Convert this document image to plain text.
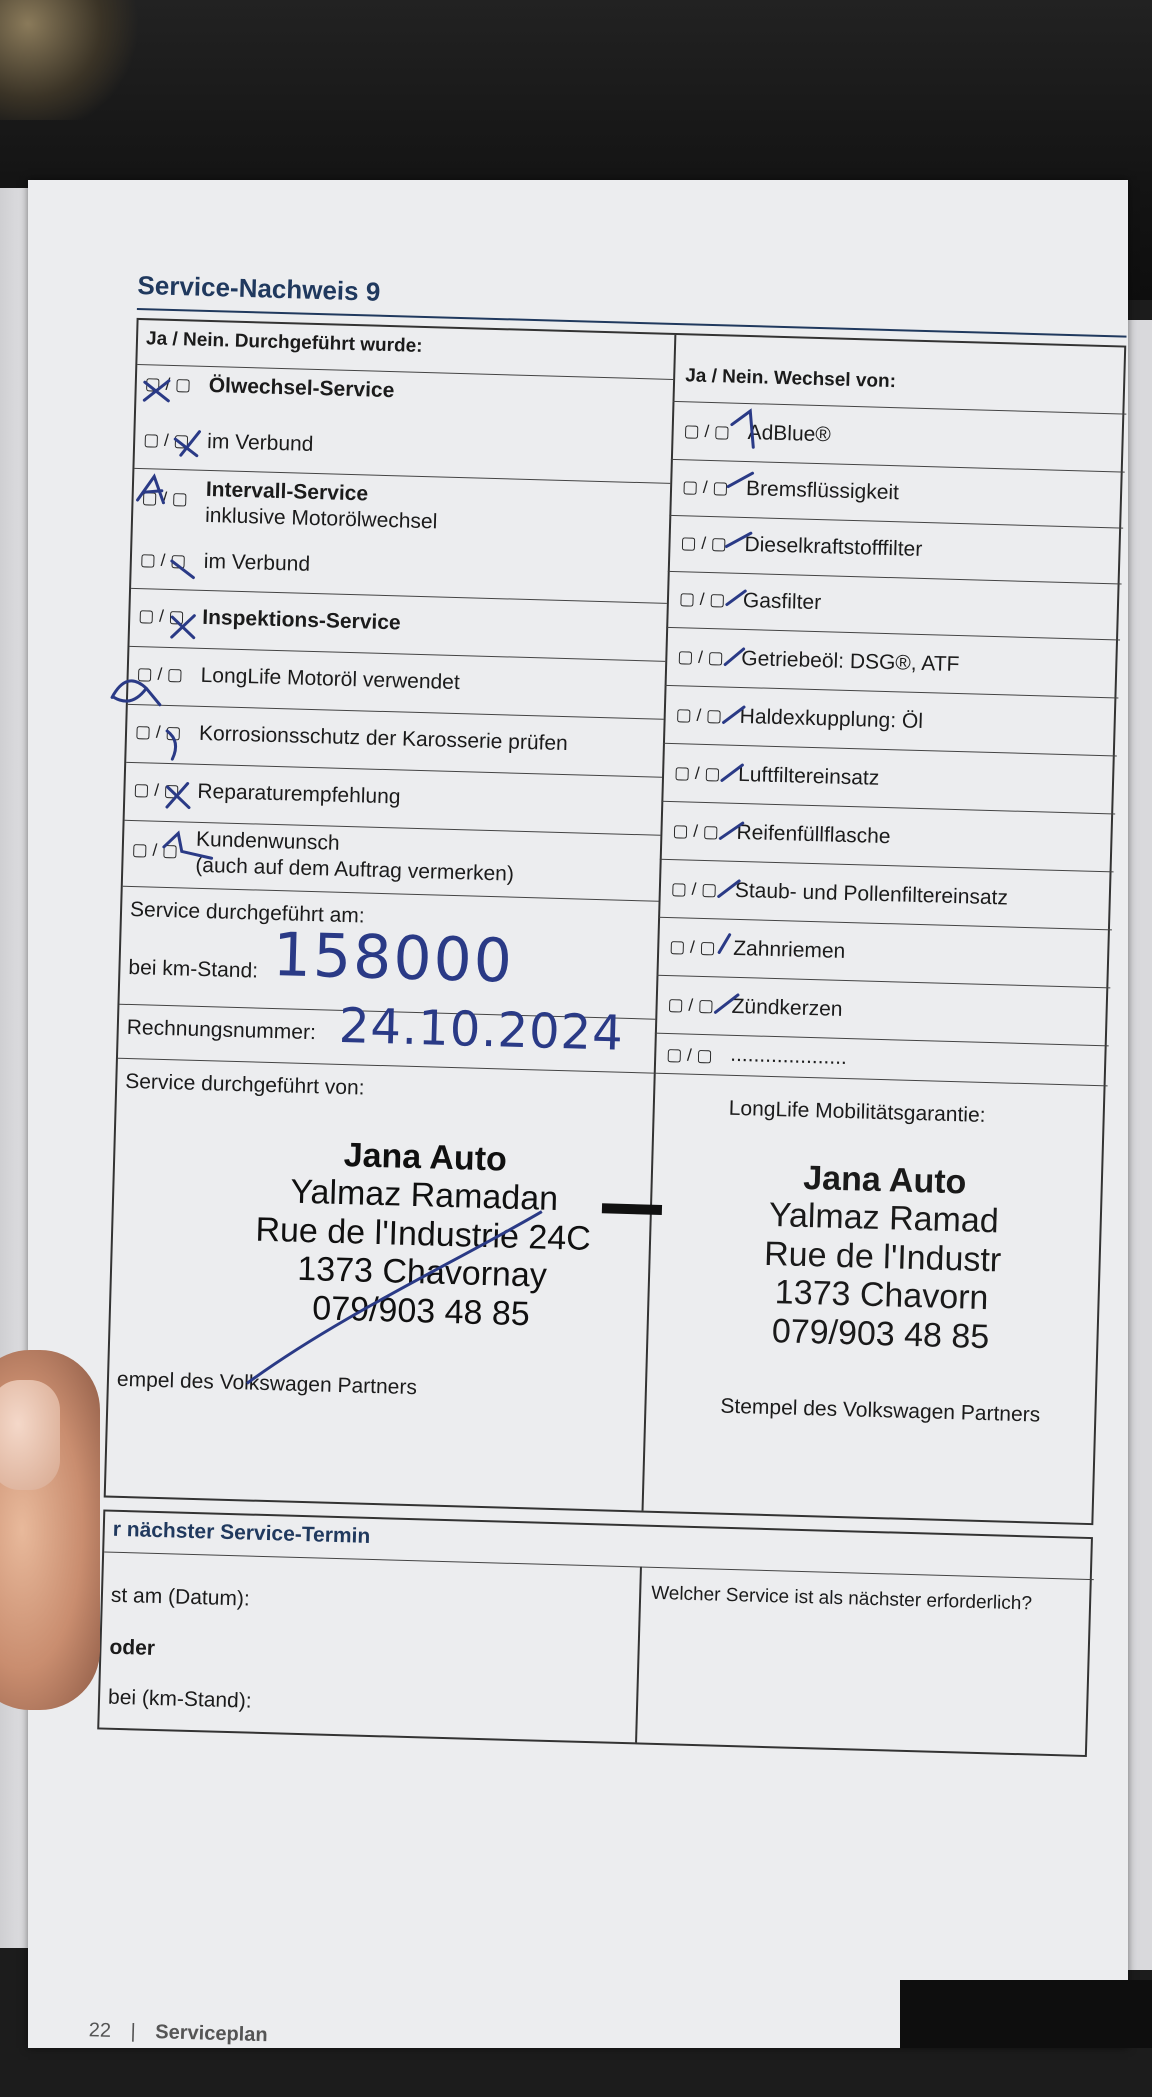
Service-Nachweis 9
Ja / Nein. Durchgeführt wurde:
Ja / Nein. Wechsel von:
▢ / ▢ Ölwechsel-Service
▢ / ▢ im Verbund
▢ / ▢ Intervall-Service
inklusive Motorölwechsel
▢ / ▢ im Verbund
▢ / ▢ Inspektions-Service
▢ / ▢ LongLife Motoröl verwendet
▢ / ▢ Korrosionsschutz der Karosserie prüfen
▢ / ▢ Reparaturempfehlung
▢ / ▢ Kundenwunsch
(auch auf dem Auftrag vermerken)
Service durchgeführt am:
bei km-Stand: 158000
Rechnungsnummer: 24.10.2024
▢ / ▢ AdBlue®
▢ / ▢ Bremsflüssigkeit
▢ / ▢ Dieselkraftstofffilter
▢ / ▢ Gasfilter
▢ / ▢ Getriebeöl: DSG®, ATF
▢ / ▢ Haldexkupplung: Öl
▢ / ▢ Luftfiltereinsatz
▢ / ▢ Reifenfüllflasche
▢ / ▢ Staub- und Pollenfiltereinsatz
▢ / ▢ Zahnriemen
▢ / ▢ Zündkerzen
▢ / ▢ ....................
Service durchgeführt von:
LongLife Mobilitätsgarantie:
Jana Auto
Yalmaz Ramadan
Rue de l'Industrie 24C
1373 Chavornay
079/903 48 85
Jana Auto
Yalmaz Ramad
Rue de l'Industr
1373 Chavorn
079/903 48 85
empel des Volkswagen Partners
Stempel des Volkswagen Partners
r nächster Service-Termin
st am (Datum):
oder
bei (km-Stand):
Welcher Service ist als nächster erforderlich?
22 | Serviceplan
